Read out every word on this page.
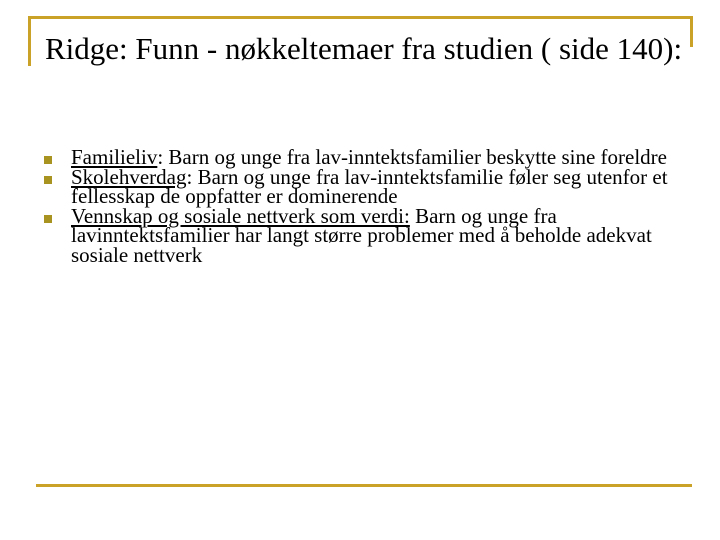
Ridge: Funn - nøkkeltemaer fra studien ( side 140):
Familieliv: Barn og unge fra lav-inntektsfamilier beskytte sine foreldre
Skolehverdag: Barn og unge fra lav-inntektsfamilie føler seg utenfor et fellesskap de oppfatter er dominerende
Vennskap og sosiale nettverk som verdi: Barn og unge fra lavinntektsfamilier har langt større problemer med å beholde adekvat sosiale nettverk
